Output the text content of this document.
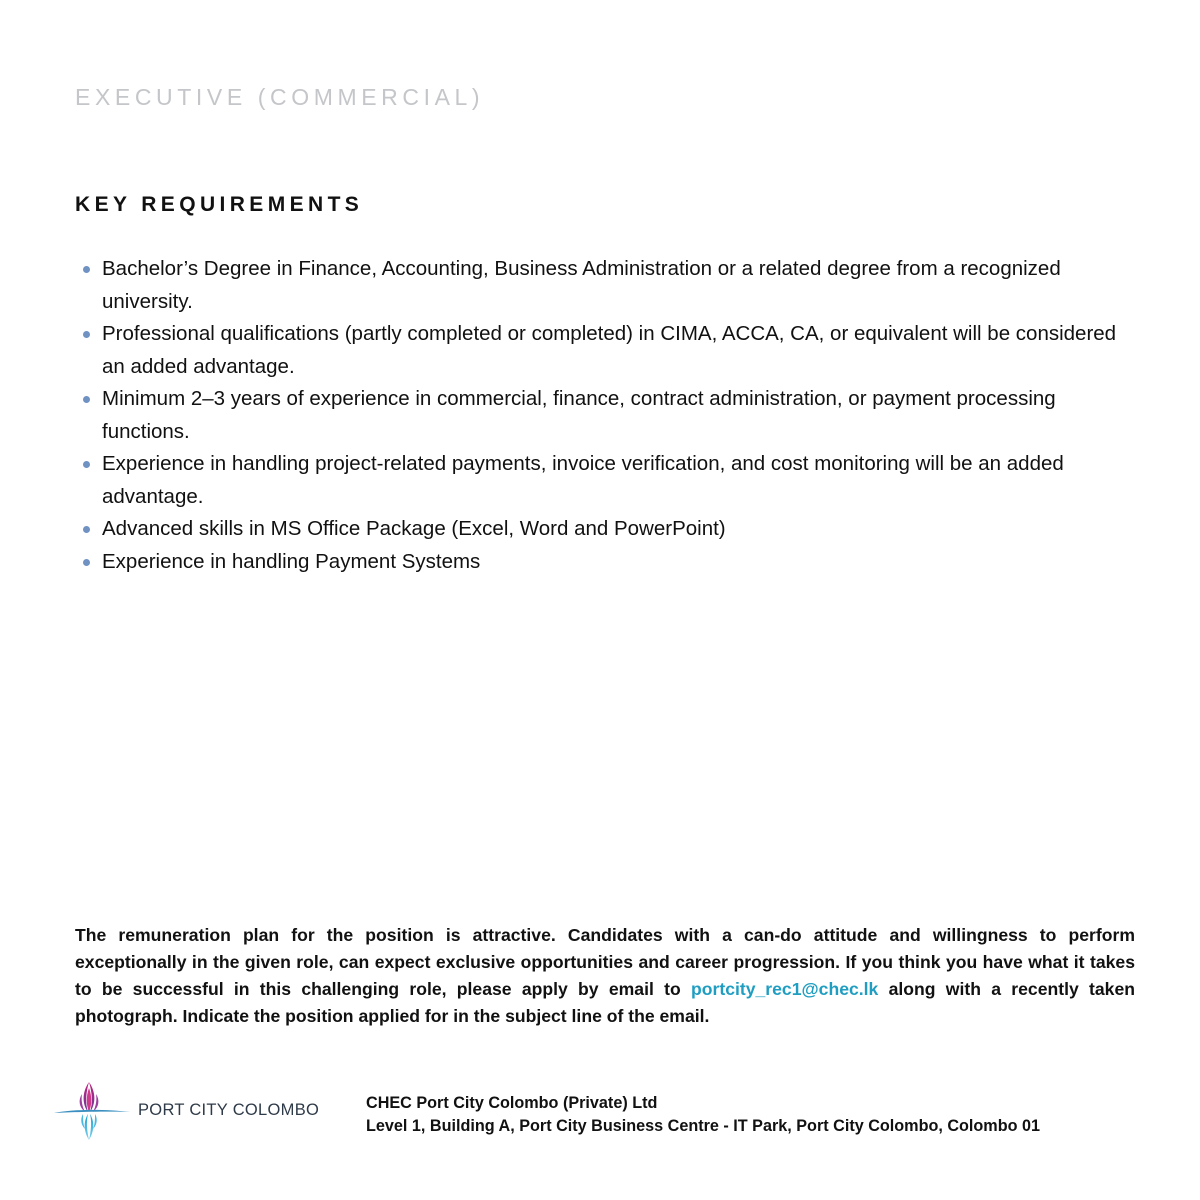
EXECUTIVE (COMMERCIAL)
KEY REQUIREMENTS
Bachelor’s Degree in Finance, Accounting, Business Administration or a related degree from a recognized university.
Professional qualifications (partly completed or completed) in CIMA, ACCA, CA, or equivalent will be considered an added advantage.
Minimum 2–3 years of experience in commercial, finance, contract administration, or payment processing functions.
Experience in handling project-related payments, invoice verification, and cost monitoring will be an added advantage.
Advanced skills in MS Office Package (Excel, Word and PowerPoint)
Experience in handling Payment Systems

The remuneration plan for the position is attractive. Candidates with a can-do attitude and willingness to perform exceptionally in the given role, can expect exclusive opportunities and career progression. If you think you have what it takes to be successful in this challenging role, please apply by email to portcity_rec1@chec.lk along with a recently taken photograph. Indicate the position applied for in the subject line of the email.

PORT CITY COLOMBO	CHEC Port City Colombo (Private) Ltd
Level 1, Building A, Port City Business Centre - IT Park, Port City Colombo, Colombo 01
